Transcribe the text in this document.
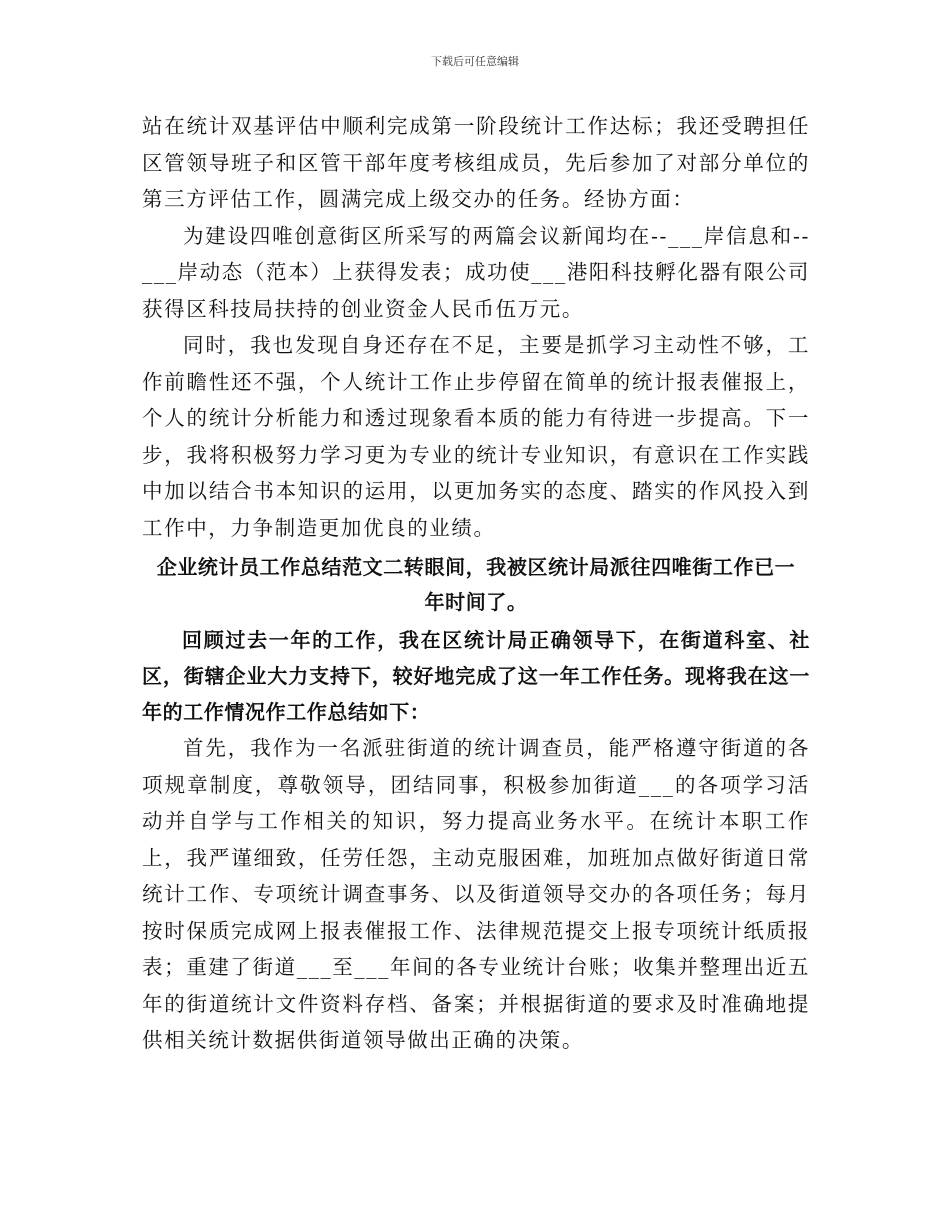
下载后可任意编辑

站在统计双基评估中顺利完成第一阶段统计工作达标；我还受聘担任区管领导班子和区管干部年度考核组成员，先后参加了对部分单位的第三方评估工作，圆满完成上级交办的任务。经协方面：

为建设四唯创意街区所采写的两篇会议新闻均在--___岸信息和--___岸动态（范本）上获得发表；成功使___港阳科技孵化器有限公司获得区科技局扶持的创业资金人民币伍万元。

同时，我也发现自身还存在不足，主要是抓学习主动性不够，工作前瞻性还不强，个人统计工作止步停留在简单的统计报表催报上，个人的统计分析能力和透过现象看本质的能力有待进一步提高。下一步，我将积极努力学习更为专业的统计专业知识，有意识在工作实践中加以结合书本知识的运用，以更加务实的态度、踏实的作风投入到工作中，力争制造更加优良的业绩。

企业统计员工作总结范文二转眼间，我被区统计局派往四唯街工作已一年时间了。

回顾过去一年的工作，我在区统计局正确领导下，在街道科室、社区，街辖企业大力支持下，较好地完成了这一年工作任务。现将我在这一年的工作情况作工作总结如下：

首先，我作为一名派驻街道的统计调查员，能严格遵守街道的各项规章制度，尊敬领导，团结同事，积极参加街道___的各项学习活动并自学与工作相关的知识，努力提高业务水平。在统计本职工作上，我严谨细致，任劳任怨，主动克服困难，加班加点做好街道日常统计工作、专项统计调查事务、以及街道领导交办的各项任务；每月按时保质完成网上报表催报工作、法律规范提交上报专项统计纸质报表；重建了街道___至___年间的各专业统计台账；收集并整理出近五年的街道统计文件资料存档、备案；并根据街道的要求及时准确地提供相关统计数据供街道领导做出正确的决策。
